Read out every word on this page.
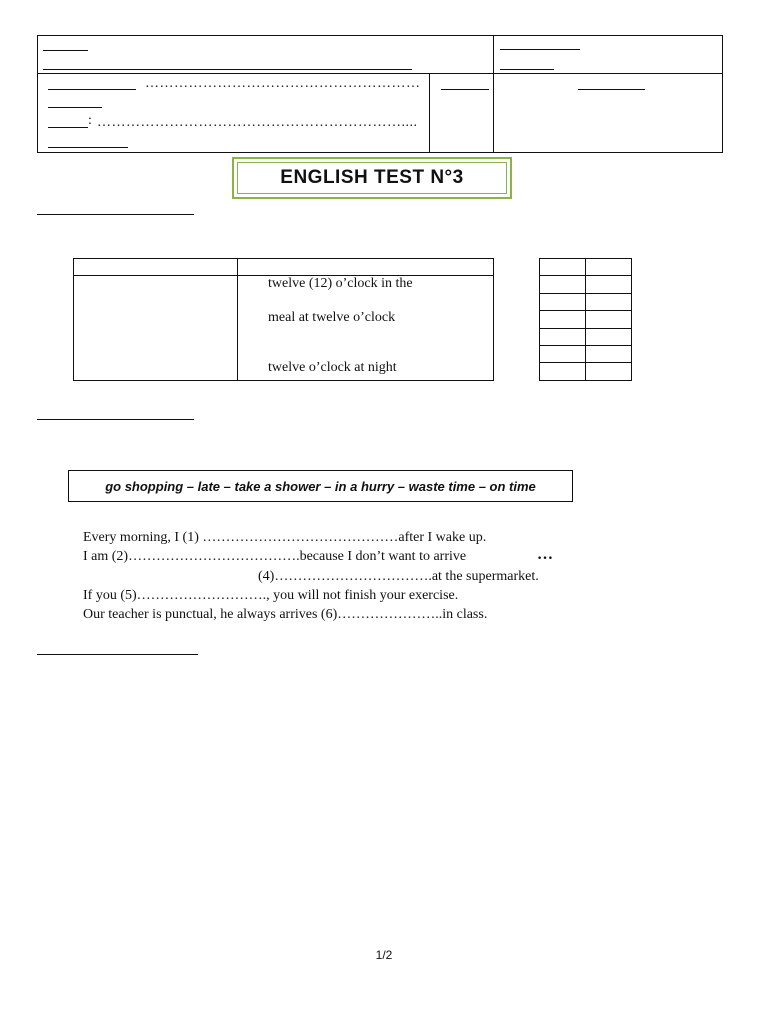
…………………………………………………
: ………………………………………………………....
ENGLISH TEST N°3
twelve (12) o’clock in the
meal at twelve o’clock
twelve o’clock at night
go shopping – late – take a shower – in a hurry – waste time – on time
Every morning, I (1) ……………………………………after I wake up.
I am (2)……………………………….because I don’t want to arrive	…
(4)…………………………….at the supermarket.
If you (5)………………………., you will not finish your exercise.
Our teacher is punctual, he always arrives (6)…………………..in class.
1/2
